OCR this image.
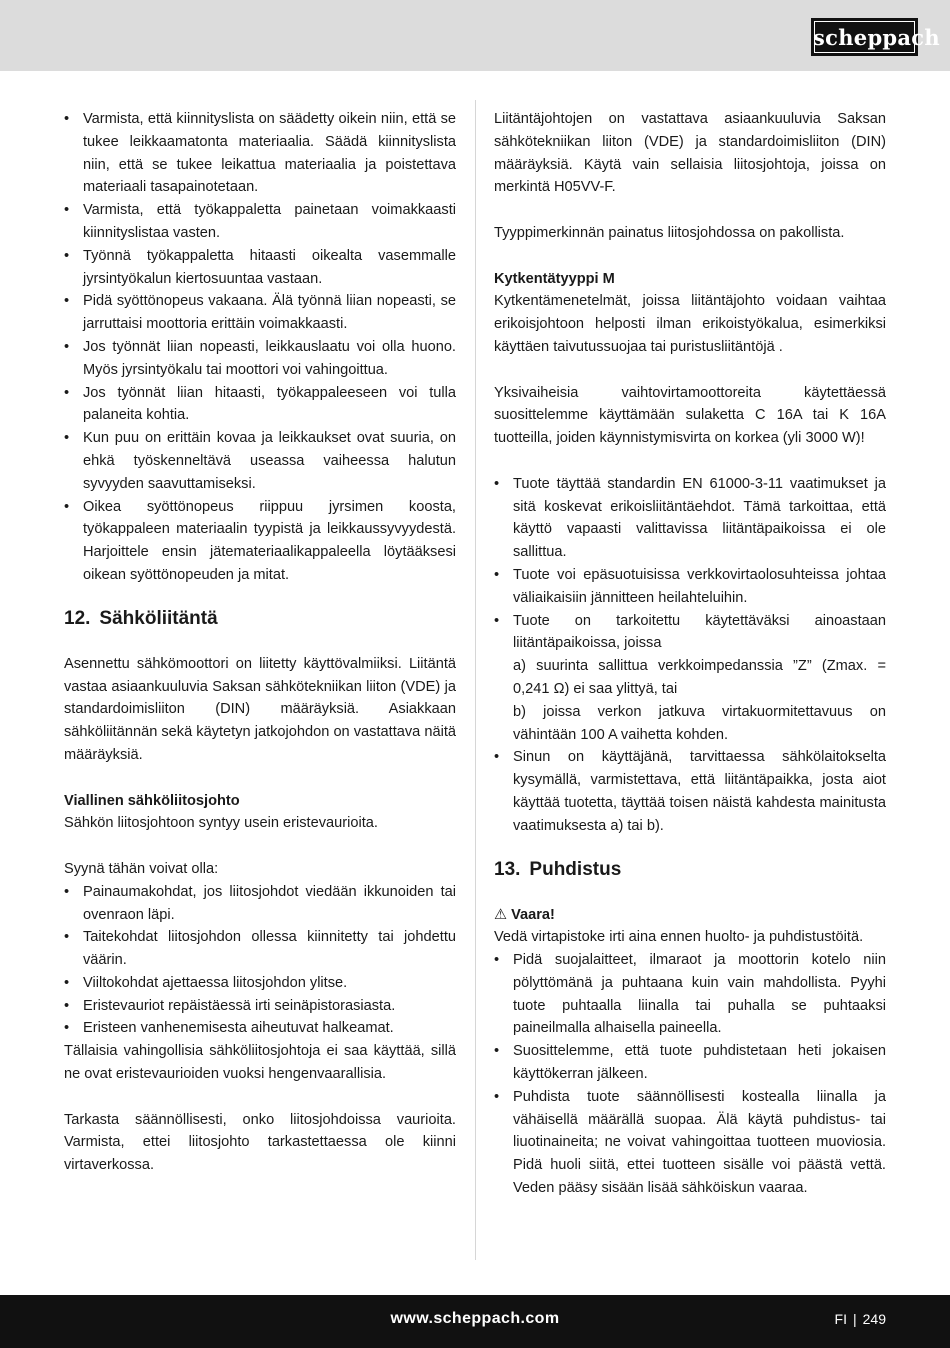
scheppach
• Varmista, että kiinnityslista on säädetty oikein niin, että se tukee leikkaamatonta materiaalia. Säädä kiinnityslista niin, että se tukee leikattua materiaalia ja poistettava materiaali tasapainotetaan.
• Varmista, että työkappaletta painetaan voimakkaasti kiinnityslistaa vasten.
• Työnnä työkappaletta hitaasti oikealta vasemmalle jyrsintyökalun kiertosuuntaa vastaan.
• Pidä syöttönopeus vakaana. Älä työnnä liian nopeasti, se jarruttaisi moottoria erittäin voimakkaasti.
• Jos työnnät liian nopeasti, leikkauslaatu voi olla huono. Myös jyrsintyökalu tai moottori voi vahingoittua.
• Jos työnnät liian hitaasti, työkappaleeseen voi tulla palaneita kohtia.
• Kun puu on erittäin kovaa ja leikkaukset ovat suuria, on ehkä työskenneltävä useassa vaiheessa halutun syvyyden saavuttamiseksi.
• Oikea syöttönopeus riippuu jyrsimen koosta, työkappaleen materiaalin tyypistä ja leikkaussyvyydestä. Harjoittele ensin jätemateriaalikappaleella löytääksesi oikean syöttönopeuden ja mitat.
12. Sähköliitäntä

Asennettu sähkömoottori on liitetty käyttövalmiiksi. Liitäntä vastaa asiaankuuluvia Saksan sähkötekniikan liiton (VDE) ja standardoimisliiton (DIN) määräyksiä. Asiakkaan sähköliitännän sekä käytetyn jatkojohdon on vastattava näitä määräyksiä.

Viallinen sähköliitosjohto

Sähkön liitosjohtoon syntyy usein eristevaurioita.

Syynä tähän voivat olla:

• Painaumakohdat, jos liitosjohdot viedään ikkunoiden tai ovenraon läpi.
• Taitekohdat liitosjohdon ollessa kiinnitetty tai johdettu väärin.
• Viiltokohdat ajettaessa liitosjohdon ylitse.
• Eristevauriot repäistäessä irti seinäpistorasiasta.
• Eristeen vanhenemisesta aiheutuvat halkeamat.

Tällaisia vahingollisia sähköliitosjohtoja ei saa käyttää, sillä ne ovat eristevaurioiden vuoksi hengenvaarallisia.

Tarkasta säännöllisesti, onko liitosjohdoissa vaurioita. Varmista, ettei liitosjohto tarkastettaessa ole kiinni virtaverkossa.

Liitäntäjohtojen on vastattava asiaankuuluvia Saksan sähkötekniikan liiton (VDE) ja standardoimisliiton (DIN) määräyksiä. Käytä vain sellaisia liitosjohtoja, joissa on merkintä H05VV-F.

Tyyppimerkinnän painatus liitosjohdossa on pakollista.

Kytkentätyyppi M

Kytkentämenetelmät, joissa liitäntäjohto voidaan vaihtaa erikoisjohtoon helposti ilman erikoistyökalua, esimerkiksi käyttäen taivutussuojaa tai puristusliitäntöjä .

Yksivaiheisia vaihtovirtamoottoreita käytettäessä suosittelemme käyttämään sulaketta C 16A tai K 16A tuotteilla, joiden käynnistymisvirta on korkea (yli 3000 W)!

• Tuote täyttää standardin EN 61000-3-11 vaatimukset ja sitä koskevat erikoisliitäntäehdot. Tämä tarkoittaa, että käyttö vapaasti valittavissa liitäntäpaikoissa ei ole sallittua.
• Tuote voi epäsuotuisissa verkkovirtaolosuhteissa johtaa väliaikaisiin jännitteen heilahteluihin.
• Tuote on tarkoitettu käytettäväksi ainoastaan liitäntäpaikoissa, joissa
a) suurinta sallittua verkkoimpedanssia ”Z” (Zmax. = 0,241 Ω) ei saa ylittyä, tai
b) joissa verkon jatkuva virtakuormitettavuus on vähintään 100 A vaihetta kohden.
• Sinun on käyttäjänä, tarvittaessa sähkölaitokselta kysymällä, varmistettava, että liitäntäpaikka, josta aiot käyttää tuotetta, täyttää toisen näistä kahdesta mainitusta vaatimuksesta a) tai b).
13. Puhdistus

⚠ Vaara!

Vedä virtapistoke irti aina ennen huolto- ja puhdistustöitä.

• Pidä suojalaitteet, ilmaraot ja moottorin kotelo niin pölyttömänä ja puhtaana kuin vain mahdollista. Pyyhi tuote puhtaalla liinalla tai puhalla se puhtaaksi paineilmalla alhaisella paineella.
• Suosittelemme, että tuote puhdistetaan heti jokaisen käyttökerran jälkeen.
• Puhdista tuote säännöllisesti kostealla liinalla ja vähäisellä määrällä suopaa. Älä käytä puhdistus- tai liuotinaineita; ne voivat vahingoittaa tuotteen muoviosia. Pidä huoli siitä, ettei tuotteen sisälle voi päästä vettä. Veden pääsy sisään lisää sähköiskun vaaraa.
www.scheppach.com	FI | 249
